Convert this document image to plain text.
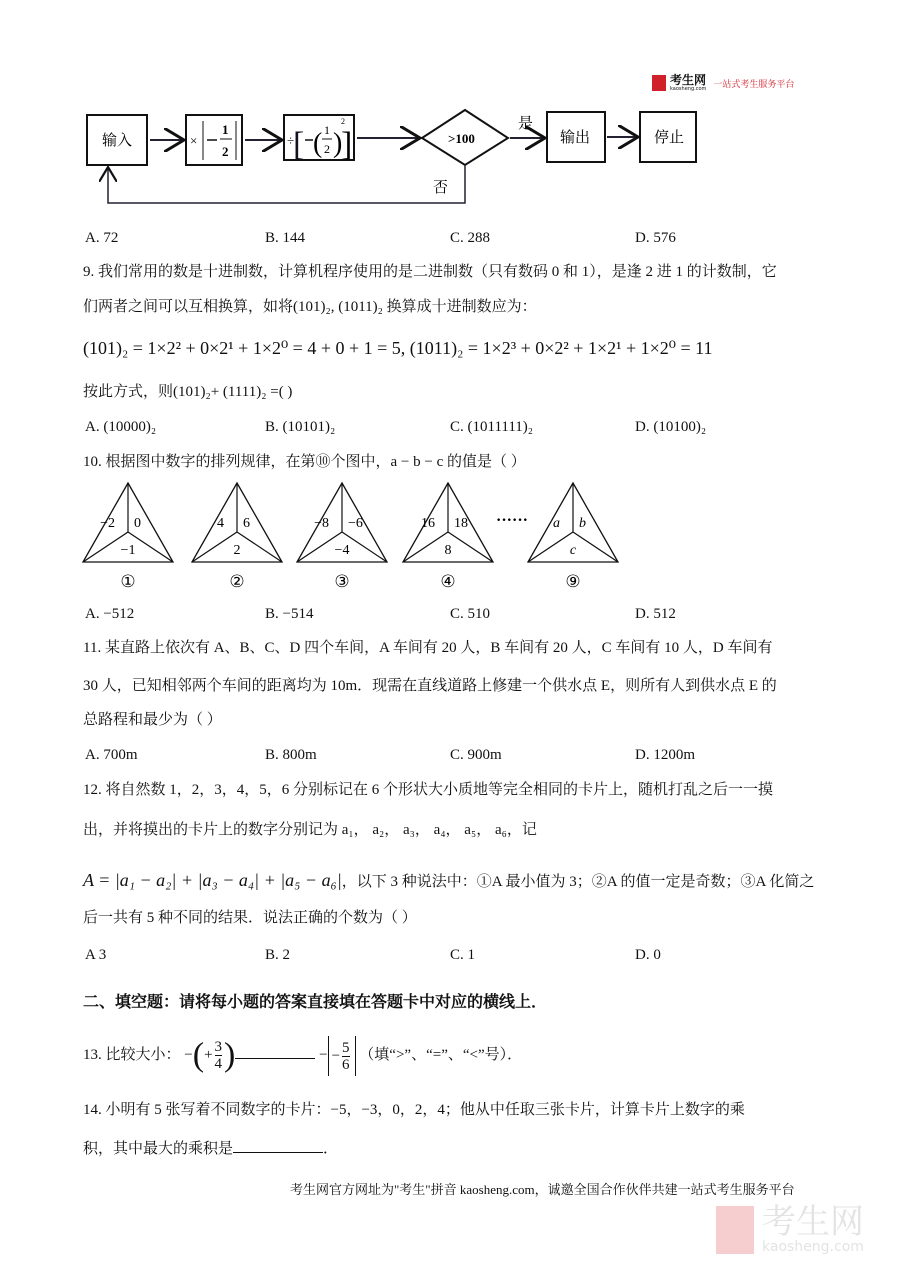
考生网
kaosheng.com 一站式考生服务平台
输入	×
1
2
÷
[ ( 1
2 )
2
]	>100
是
否
输出	停止
A. 72	B. 144	C. 288	D. 576
9. 我们常用的数是十进制数，计算机程序使用的是二进制数（只有数码 0 和 1），是逢 2 进 1 的计数制，它
们两者之间可以互相换算，如将(101)₂, (1011)₂ 换算成十进制数应为：
(101)₂ = 1×2² + 0×2¹ + 1×2⁰ = 4 + 0 + 1 = 5, (1011)₂ = 1×2³ + 0×2² + 1×2¹ + 1×2⁰ = 11
按此方式，则(101)₂+ (1111)₂ =( )
A. (10000)₂	B. (10101)₂	C. (1011111)₂	D. (10100)₂
10. 根据图中数字的排列规律，在第⑩个图中，a − b − c 的值是（ ）
−2 0
−1
①
4 6
2
②
−8 −6
−4
③
16 18
8
④
a b
c
⑨
······
A. −512	B. −514	C. 510	D. 512
11. 某直路上依次有 A、B、C、D 四个车间，A 车间有 20 人，B 车间有 20 人，C 车间有 10 人，D 车间有
30 人，已知相邻两个车间的距离均为 10m．现需在直线道路上修建一个供水点 E，则所有人到供水点 E 的
总路程和最少为（ ）
A. 700m	B. 800m	C. 900m	D. 1200m
12. 将自然数 1，2，3，4，5，6 分别标记在 6 个形状大小质地等完全相同的卡片上，随机打乱之后一一摸
出，并将摸出的卡片上的数字分别记为 a₁， a₂， a₃， a₄， a₅， a₆，记
A = |a₁ − a₂| + |a₃ − a₄| + |a₅ − a₆|，以下 3 种说法中：①A 最小值为 3；②A 的值一定是奇数；③A 化简之
后一共有 5 种不同的结果．说法正确的个数为（ ）
A 3	B. 2	C. 1	D. 0
二、填空题：请将每小题的答案直接填在答题卡中对应的横线上．
13. 比较大小： −(+ $\frac{3}{4}$ )	− − $\frac{5}{6}$ （填“>”、“=”、“<”号）．
14. 小明有 5 张写着不同数字的卡片：−5，−3，0，2，4；他从中任取三张卡片，计算卡片上数字的乘
积，其中最大的乘积是	．
考生网官方网址为"考生"拼音 kaosheng.com，诚邀全国合作伙伴共建一站式考生服务平台
考生网
kaosheng.com
